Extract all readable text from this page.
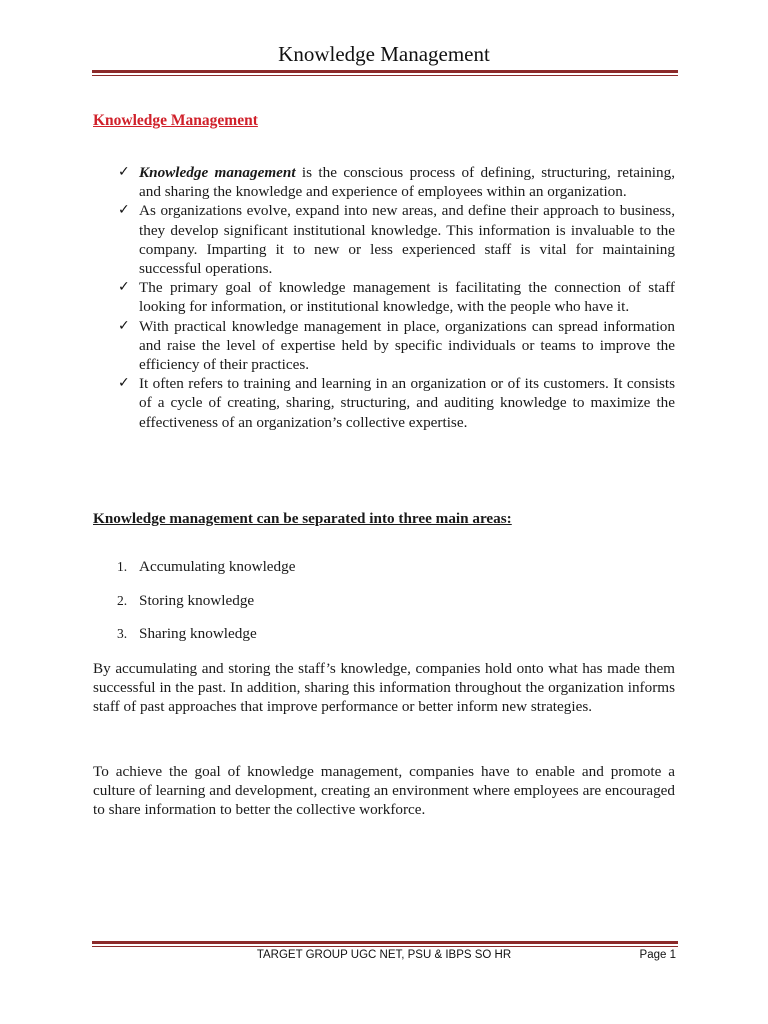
Knowledge Management
Knowledge Management
✓ Knowledge management is the conscious process of defining, structuring, retaining, and sharing the knowledge and experience of employees within an organization.
✓ As organizations evolve, expand into new areas, and define their approach to business, they develop significant institutional knowledge. This information is invaluable to the company. Imparting it to new or less experienced staff is vital for maintaining successful operations.
✓ The primary goal of knowledge management is facilitating the connection of staff looking for information, or institutional knowledge, with the people who have it.
✓ With practical knowledge management in place, organizations can spread information and raise the level of expertise held by specific individuals or teams to improve the efficiency of their practices.
✓ It often refers to training and learning in an organization or of its customers. It consists of a cycle of creating, sharing, structuring, and auditing knowledge to maximize the effectiveness of an organization’s collective expertise.
Knowledge management can be separated into three main areas:
1. Accumulating knowledge
2. Storing knowledge
3. Sharing knowledge

By accumulating and storing the staff’s knowledge, companies hold onto what has made them successful in the past. In addition, sharing this information throughout the organization informs staff of past approaches that improve performance or better inform new strategies.

To achieve the goal of knowledge management, companies have to enable and promote a culture of learning and development, creating an environment where employees are encouraged to share information to better the collective workforce.

TARGET GROUP UGC NET, PSU & IBPS SO HR	Page 1
